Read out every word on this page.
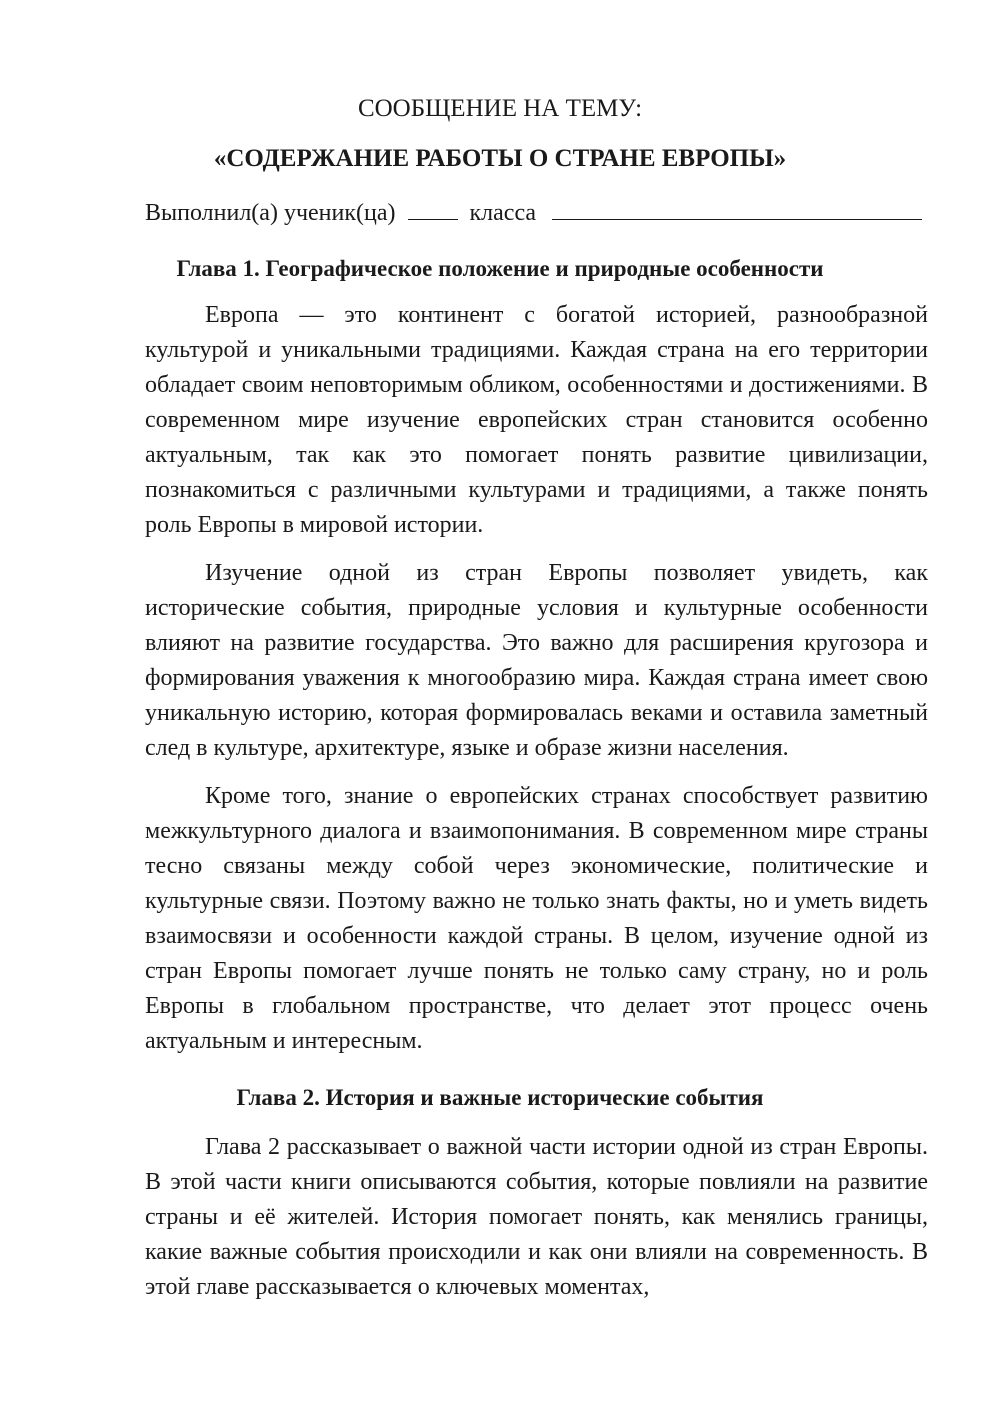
СООБЩЕНИЕ НА ТЕМУ:
«СОДЕРЖАНИЕ РАБОТЫ О СТРАНЕ ЕВРОПЫ»
Выполнил(а) ученик(ца)	класса
Глава 1. Географическое положение и природные особенности

Европа — это континент с богатой историей, разнообразной культурой и уникальными традициями. Каждая страна на его территории обладает своим неповторимым обликом, особенностями и достижениями. В современном мире изучение европейских стран становится особенно актуальным, так как это помогает понять развитие цивилизации, познакомиться с различными культурами и традициями, а также понять роль Европы в мировой истории.

Изучение одной из стран Европы позволяет увидеть, как исторические события, природные условия и культурные особенности влияют на развитие государства. Это важно для расширения кругозора и формирования уважения к многообразию мира. Каждая страна имеет свою уникальную историю, которая формировалась веками и оставила заметный след в культуре, архитектуре, языке и образе жизни населения.

Кроме того, знание о европейских странах способствует развитию межкультурного диалога и взаимопонимания. В современном мире страны тесно связаны между собой через экономические, политические и культурные связи. Поэтому важно не только знать факты, но и уметь видеть взаимосвязи и особенности каждой страны. В целом, изучение одной из стран Европы помогает лучше понять не только саму страну, но и роль Европы в глобальном пространстве, что делает этот процесс очень актуальным и интересным.

Глава 2. История и важные исторические события

Глава 2 рассказывает о важной части истории одной из стран Европы. В этой части книги описываются события, которые повлияли на развитие страны и её жителей. История помогает понять, как менялись границы, какие важные события происходили и как они влияли на современность. В этой главе рассказывается о ключевых моментах,
